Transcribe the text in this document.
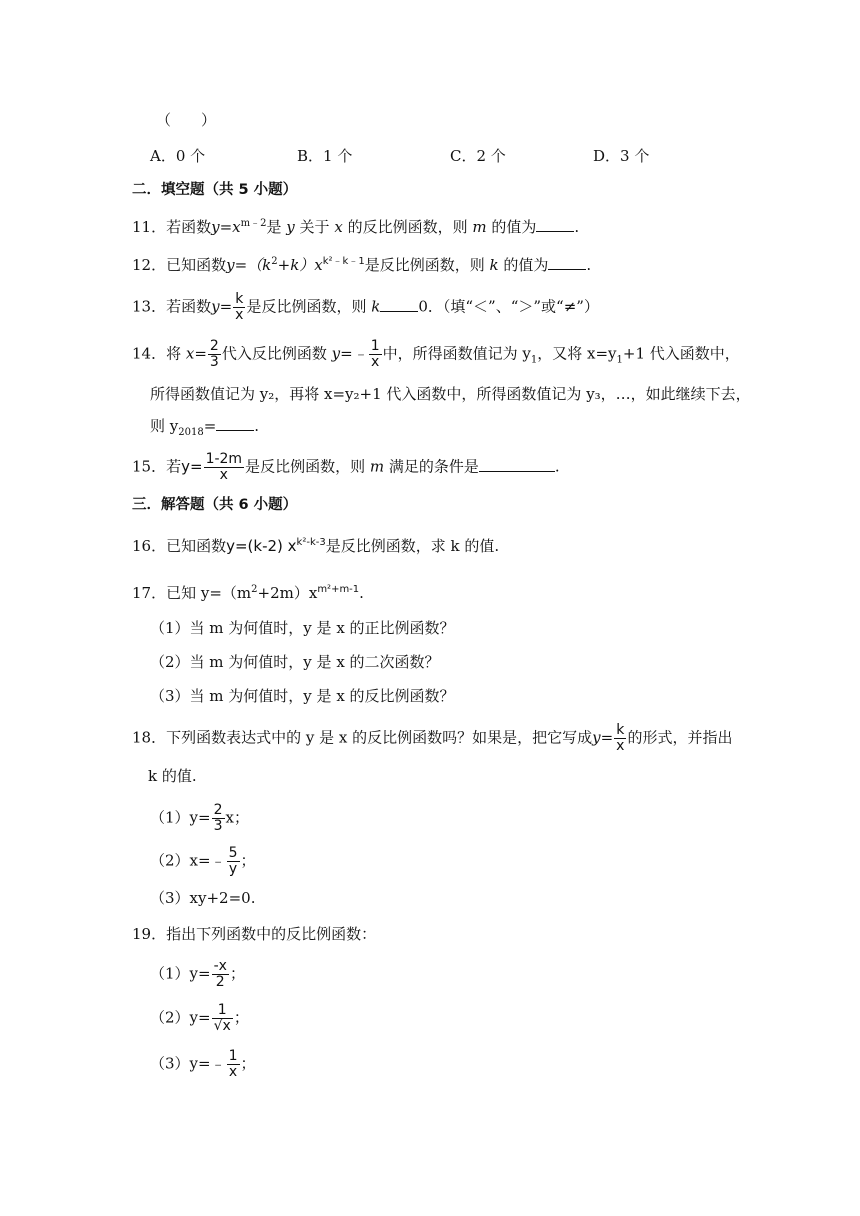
（　　）
A．0 个	B．1 个	C．2 个	D．3 个
二．填空题（共 5 小题）
11．若函数$y=x^{m﹣2}$是 y 关于 x 的反比例函数，则 m 的值为	.
12．已知函数$y=(k^2+k)x^{k^2﹣k﹣1}$是反比例函数，则 k 的值为	.
13．若函数$y= \frac{k}{x}$ 是反比例函数，则 k	0．（填“＜”、“＞”或“≠”）
14．将 $x= \frac{2}{3}$ 代入反比例函数 y=﹣ $\frac{1}{x}$ 中，所得函数值记为 $y_1$，又将 $x=y_1+1$ 代入函数中，
所得函数值记为 y₂，再将 x=y₂+1 代入函数中，所得函数值记为 y₃，…，如此继续下去，
则 $y_{2018}=$	.
15．若$y= \frac{1-2m}{x}$ 是反比例函数，则 m 满足的条件是	.
三．解答题（共 6 小题）
16．已知函数y=(k-2) $x^{k^2-k-3}$是反比例函数，求 k 的值.
17．已知 $y=(m^2+2m)x^{m^2+m-1}$.
（1）当 m 为何值时，y 是 x 的正比例函数？
（2）当 m 为何值时，y 是 x 的二次函数？
（3）当 m 为何值时，y 是 x 的反比例函数？
18．下列函数表达式中的 y 是 x 的反比例函数吗？如果是，把它写成$y= \frac{k}{x}$ 的形式，并指出
k 的值.
$(1)y= \frac{2}{3}$ x；
（2）x=﹣ $\frac{5}{y}$ ；
（3）xy+2=0.
19．指出下列函数中的反比例函数：
$(1)y= \frac{-x}{2}$ ；
$(2)y= \frac{1}{√x}$ ；
（3）y=﹣ $\frac{1}{x}$ ；
